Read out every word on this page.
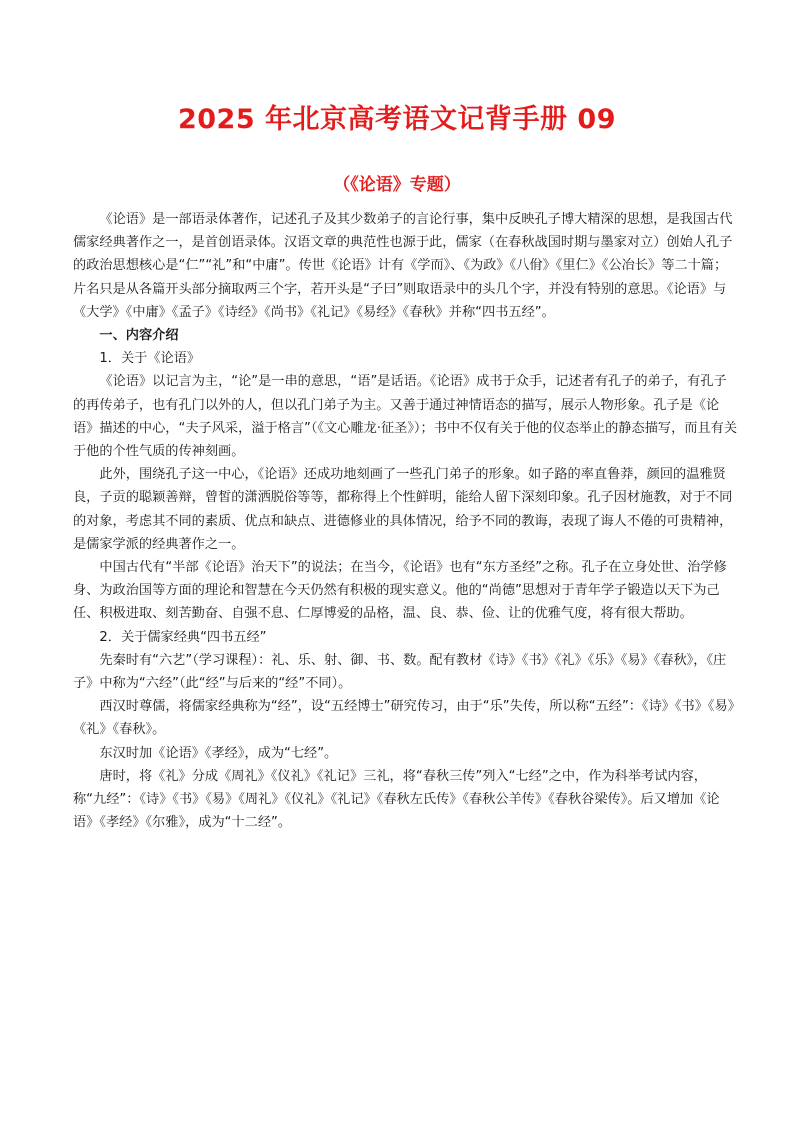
2025 年北京高考语文记背手册 09
（《论语》专题）

《论语》是一部语录体著作，记述孔子及其少数弟子的言论行事，集中反映孔子博大精深的思想，是我国古代儒家经典著作之一，是首创语录体。汉语文章的典范性也源于此，儒家（在春秋战国时期与墨家对立）创始人孔子的政治思想核心是“仁”“礼”和“中庸”。传世《论语》计有《学而》、《为政》《八佾》《里仁》《公冶长》等二十篇；片名只是从各篇开头部分摘取两三个字，若开头是“子曰”则取语录中的头几个字，并没有特别的意思。《论语》与《大学》《中庸》《孟子》《诗经》《尚书》《礼记》《易经》《春秋》并称“四书五经”。

一、内容介绍

1．关于《论语》

《论语》以记言为主，“论”是一串的意思，“语”是话语。《论语》成书于众手，记述者有孔子的弟子，有孔子的再传弟子，也有孔门以外的人，但以孔门弟子为主。又善于通过神情语态的描写，展示人物形象。孔子是《论语》描述的中心，“夫子风采，溢于格言”（《文心雕龙·征圣》）；书中不仅有关于他的仪态举止的静态描写，而且有关于他的个性气质的传神刻画。

此外，围绕孔子这一中心，《论语》还成功地刻画了一些孔门弟子的形象。如子路的率直鲁莽，颜回的温雅贤良，子贡的聪颖善辩，曾皙的潇洒脱俗等等，都称得上个性鲜明，能给人留下深刻印象。孔子因材施教，对于不同的对象，考虑其不同的素质、优点和缺点、进德修业的具体情况，给予不同的教诲，表现了诲人不倦的可贵精神，是儒家学派的经典著作之一。

中国古代有“半部《论语》治天下”的说法；在当今，《论语》也有“东方圣经”之称。孔子在立身处世、治学修身、为政治国等方面的理论和智慧在今天仍然有积极的现实意义。他的“尚德”思想对于青年学子锻造以天下为己任、积极进取、刻苦勤奋、自强不息、仁厚博爱的品格，温、良、恭、俭、让的优雅气度，将有很大帮助。

2．关于儒家经典“四书五经”

先秦时有“六艺”（学习课程）：礼、乐、射、御、书、数。配有教材《诗》《书》《礼》《乐》《易》《春秋》，《庄子》中称为“六经”（此“经”与后来的“经”不同）。

西汉时尊儒，将儒家经典称为“经”，设“五经博士”研究传习，由于“乐”失传，所以称“五经”：《诗》《书》《易》《礼》《春秋》。

东汉时加《论语》《孝经》，成为“七经”。

唐时，将《礼》分成《周礼》《仪礼》《礼记》三礼，将“春秋三传”列入“七经”之中，作为科举考试内容，称“九经”：《诗》《书》《易》《周礼》《仪礼》《礼记》《春秋左氏传》《春秋公羊传》《春秋谷梁传》。后又增加《论语》《孝经》《尔雅》，成为“十二经”。
